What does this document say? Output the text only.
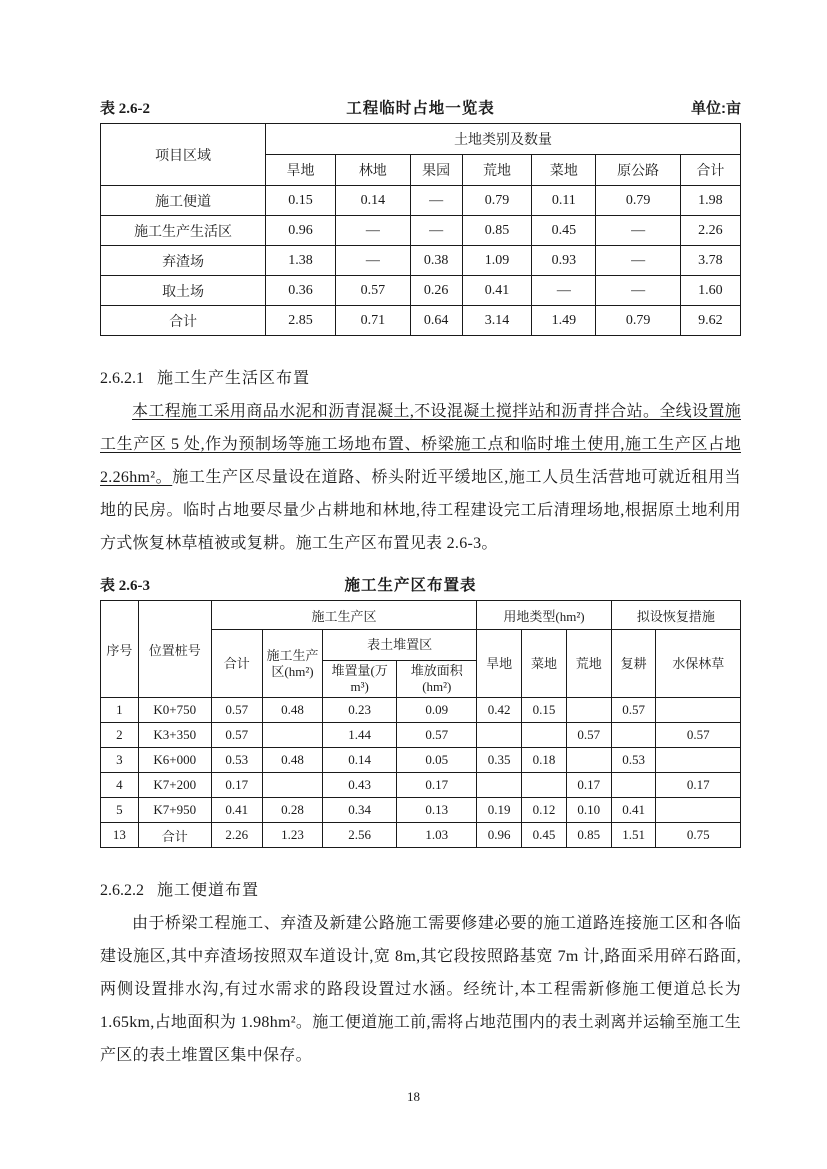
表 2.6-2	工程临时占地一览表	单位:亩
项目区域	土地类别及数量						
	旱地	林地	果园	荒地	菜地	原公路	合计
施工便道	0.15	0.14	—	0.79	0.11	0.79	1.98
施工生产生活区	0.96	—	—	0.85	0.45	—	2.26
弃渣场	1.38	—	0.38	1.09	0.93	—	3.78
取土场	0.36	0.57	0.26	0.41	—	—	1.60
合计	2.85	0.71	0.64	3.14	1.49	0.79	9.62
2.6.2.1 施工生产生活区布置

本工程施工采用商品水泥和沥青混凝土,不设混凝土搅拌站和沥青拌合站。全线设置施工生产区 5 处,作为预制场等施工场地布置、桥梁施工点和临时堆土使用,施工生产区占地 2.26hm²。施工生产区尽量设在道路、桥头附近平缓地区,施工人员生活营地可就近租用当地的民房。临时占地要尽量少占耕地和林地,待工程建设完工后清理场地,根据原土地利用方式恢复林草植被或复耕。施工生产区布置见表 2.6-3。

表 2.6-3	施工生产区布置表
序号	位置桩号	施工生产区				用地类型(hm²)			拟设恢复措施	
		合计	施工生产区(hm²)	表土堆置区		旱地	菜地	荒地	复耕	水保林草
				堆置量(万 m³)	堆放面积(hm²)					
1	K0+750	0.57	0.48	0.23	0.09	0.42	0.15		0.57	
2	K3+350	0.57		1.44	0.57			0.57		0.57
3	K6+000	0.53	0.48	0.14	0.05	0.35	0.18		0.53	
4	K7+200	0.17		0.43	0.17			0.17		0.17
5	K7+950	0.41	0.28	0.34	0.13	0.19	0.12	0.10	0.41	
13	合计	2.26	1.23	2.56	1.03	0.96	0.45	0.85	1.51	0.75
2.6.2.2 施工便道布置

由于桥梁工程施工、弃渣及新建公路施工需要修建必要的施工道路连接施工区和各临建设施区,其中弃渣场按照双车道设计,宽 8m,其它段按照路基宽 7m 计,路面采用碎石路面,两侧设置排水沟,有过水需求的路段设置过水涵。经统计,本工程需新修施工便道总长为 1.65km,占地面积为 1.98hm²。施工便道施工前,需将占地范围内的表土剥离并运输至施工生产区的表土堆置区集中保存。

18
